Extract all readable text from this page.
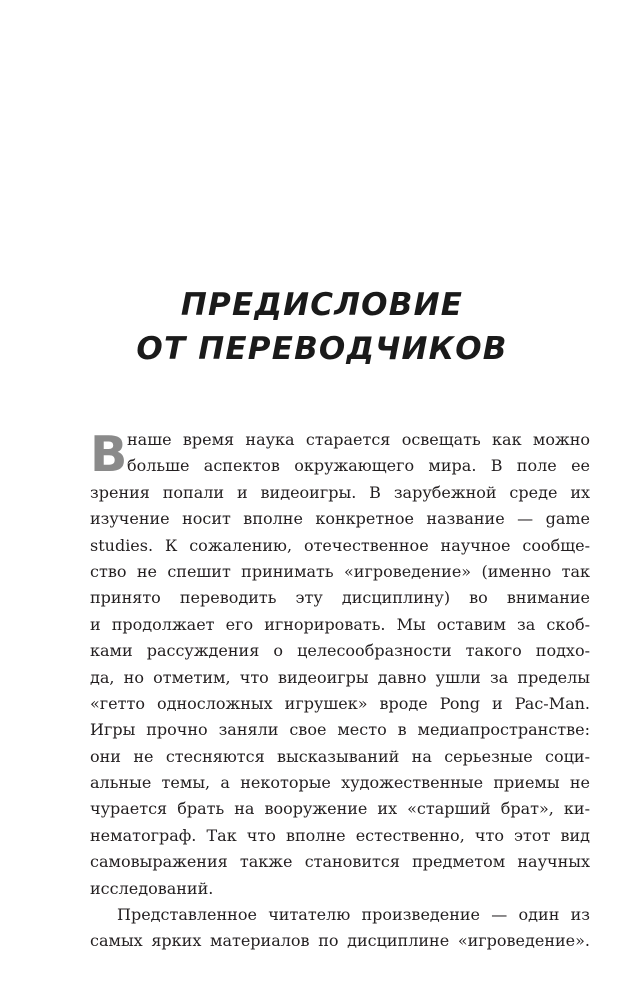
ПРЕДИСЛОВИЕ
ОТ ПЕРЕВОДЧИКОВ
В наше время наука старается освещать как можно
больше аспектов окружающего мира. В поле ее
зрения попали и видеоигры. В зарубежной среде их
изучение носит вполне конкретное название — game
studies. К сожалению, отечественное научное сообще-
ство не спешит принимать «игроведение» (именно так
принято переводить эту дисциплину) во внимание
и продолжает его игнорировать. Мы оставим за скоб-
ками рассуждения о целесообразности такого подхо-
да, но отметим, что видеоигры давно ушли за пределы
«гетто односложных игрушек» вроде Pong и Pac-Man.
Игры прочно заняли свое место в медиапространстве:
они не стесняются высказываний на серьезные соци-
альные темы, а некоторые художественные приемы не
чурается брать на вооружение их «старший брат», ки-
нематограф. Так что вполне естественно, что этот вид
самовыражения также становится предметом научных
исследований.
Представленное читателю произведение — один из
самых ярких материалов по дисциплине «игроведение».
